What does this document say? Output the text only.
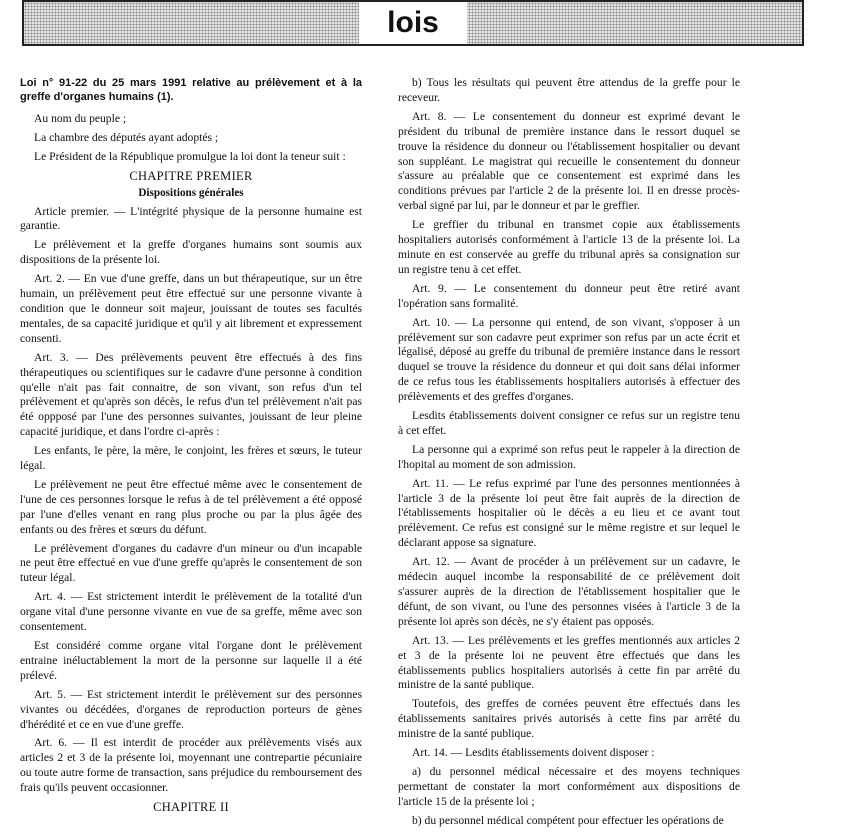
lois
Loi n° 91-22 du 25 mars 1991 relative au prélèvement et à la greffe d'organes humains (1).

Au nom du peuple ;

La chambre des députés ayant adoptés ;

Le Président de la République promulgue la loi dont la teneur suit :

CHAPITRE PREMIER
Dispositions générales

Article premier. — L'intégrité physique de la personne humaine est garantie.

Le prélèvement et la greffe d'organes humains sont soumis aux dispositions de la présente loi.

Art. 2. — En vue d'une greffe, dans un but thérapeutique, sur un être humain, un prélèvement peut être effectué sur une personne vivante à condition que le donneur soit majeur, jouissant de toutes ses facultés mentales, de sa capacité juridique et qu'il y ait librement et expressement consenti.

Art. 3. — Des prélèvements peuvent être effectués à des fins thérapeutiques ou scientifiques sur le cadavre d'une personne à condition qu'elle n'ait pas fait connaitre, de son vivant, son refus d'un tel prélèvement et qu'après son décès, le refus d'un tel prélèvement n'ait pas été oppposé par l'une des personnes suivantes, jouissant de leur pleine capacité juridique, et dans l'ordre ci-après :

Les enfants, le père, la mère, le conjoint, les frères et sœurs, le tuteur légal.

Le prélèvement ne peut être effectué même avec le consentement de l'une de ces personnes lorsque le refus à de tel prélèvement a été opposé par l'une d'elles venant en rang plus proche ou par la plus âgée des enfants ou des frères et sœurs du défunt.

Le prélèvement d'organes du cadavre d'un mineur ou d'un incapable ne peut être effectué en vue d'une greffe qu'après le consentement de son tuteur légal.

Art. 4. — Est strictement interdit le prélèvement de la totalité d'un organe vital d'une personne vivante en vue de sa greffe, même avec son consentement.

Est considéré comme organe vital l'organe dont le prélèvement entraine inéluctablement la mort de la personne sur laquelle il a été prélevé.

Art. 5. — Est strictement interdit le prélèvement sur des personnes vivantes ou décédées, d'organes de reproduction porteurs de gènes d'hérédité et ce en vue d'une greffe.

Art. 6. — Il est interdit de procéder aux prélèvements visés aux articles 2 et 3 de la présente loi, moyennant une contrepartie pécuniaire ou toute autre forme de transaction, sans préjudice du remboursement des frais qu'ils peuvent occasionner.

CHAPITRE II

b) Tous les résultats qui peuvent être attendus de la greffe pour le receveur.

Art. 8. — Le consentement du donneur est exprimé devant le président du tribunal de première instance dans le ressort duquel se trouve la résidence du donneur ou l'établissement hospitalier ou devant son suppléant. Le magistrat qui recueille le consentement du donneur s'assure au préalable que ce consentement est exprimé dans les conditions prévues par l'article 2 de la présente loi. Il en dresse procès-verbal signé par lui, par le donneur et par le greffier.

Le greffier du tribunal en transmet copie aux établissements hospitaliers autorisés conformément à l'article 13 de la présente loi. La minute en est conservée au greffe du tribunal après sa consignation sur un registre tenu à cet effet.

Art. 9. — Le consentement du donneur peut être retiré avant l'opération sans formalité.

Art. 10. — La personne qui entend, de son vivant, s'opposer à un prélèvement sur son cadavre peut exprimer son refus par un acte écrit et légalisé, déposé au greffe du tribunal de première instance dans le ressort duquel se trouve la résidence du donneur et qui doit sans délai informer de ce refus tous les établissements hospitaliers autorisés à effectuer des prélèvements et des greffes d'organes.

Lesdits établissements doivent consigner ce refus sur un registre tenu à cet effet.

La personne qui a exprimé son refus peut le rappeler à la direction de l'hopital au moment de son admission.

Art. 11. — Le refus exprimé par l'une des personnes mentionnées à l'article 3 de la présente loi peut être fait auprès de la direction de l'établissements hospitalier où le décès a eu lieu et ce avant tout prélèvement. Ce refus est consigné sur le même registre et sur lequel le déclarant appose sa signature.

Art. 12. — Avant de procéder à un prélèvement sur un cadavre, le médecin auquel incombe la responsabilité de ce prélèvement doit s'assurer auprès de la direction de l'établissement hospitalier que le défunt, de son vivant, ou l'une des personnes visées à l'article 3 de la présente loi après son décès, ne s'y étaient pas opposés.

Art. 13. — Les prélèvements et les greffes mentionnés aux articles 2 et 3 de la présente loi ne peuvent être effectués que dans les établissements publics hospitaliers autorisés à cette fin par arrêté du ministre de la santé publique.

Toutefois, des greffes de cornées peuvent être effectués dans les établissements sanitaires privés autorisés à cette fins par arrêté du ministre de la santé publique.

Art. 14. — Lesdits établissements doivent disposer :

a) du personnel médical nécessaire et des moyens techniques permettant de constater la mort conformément aux dispositions de l'article 15 de la présente loi ;

b) du personnel médical compétent pour effectuer les opérations de
